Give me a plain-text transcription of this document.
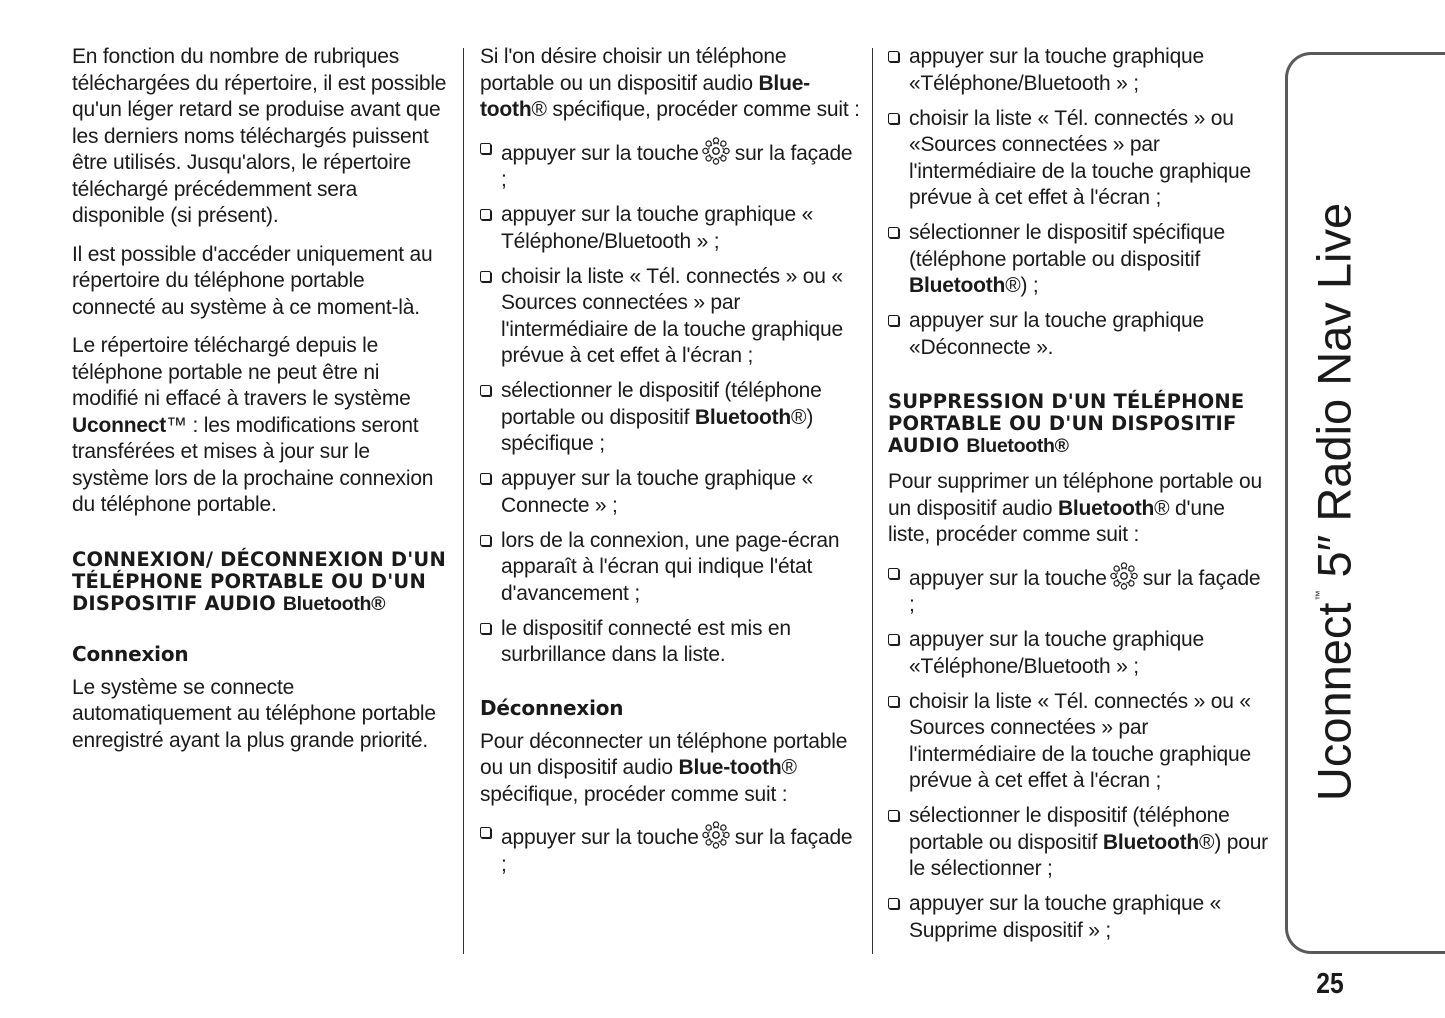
En fonction du nombre de rubriques téléchargées du répertoire, il est possible qu'un léger retard se produise avant que les derniers noms téléchargés puissent être utilisés. Jusqu'alors, le répertoire téléchargé précédemment sera disponible (si présent).

Il est possible d'accéder uniquement au répertoire du téléphone portable connecté au système à ce moment-là.

Le répertoire téléchargé depuis le téléphone portable ne peut être ni modifié ni effacé à travers le système Uconnect™ : les modifications seront transférées et mises à jour sur le système lors de la prochaine connexion du téléphone portable.

CONNEXION/ DÉCONNEXION D'UN TÉLÉPHONE PORTABLE OU D'UN DISPOSITIF AUDIO Bluetooth®
Connexion

Le système se connecte automatiquement au téléphone portable enregistré ayant la plus grande priorité.

Si l'on désire choisir un téléphone portable ou un dispositif audio Blue-tooth® spécifique, procéder comme suit :

appuyer sur la touche sur la façade ;
appuyer sur la touche graphique « Téléphone/Bluetooth » ;
choisir la liste « Tél. connectés » ou « Sources connectées » par l'intermédiaire de la touche graphique prévue à cet effet à l'écran ;
sélectionner le dispositif (téléphone portable ou dispositif Bluetooth®) spécifique ;
appuyer sur la touche graphique « Connecte » ;
lors de la connexion, une page-écran apparaît à l'écran qui indique l'état d'avancement ;
le dispositif connecté est mis en surbrillance dans la liste.
Déconnexion

Pour déconnecter un téléphone portable ou un dispositif audio Blue-tooth® spécifique, procéder comme suit :

appuyer sur la touche sur la façade ;
appuyer sur la touche graphique «Téléphone/Bluetooth » ;
choisir la liste « Tél. connectés » ou «Sources connectées » par l'intermédiaire de la touche graphique prévue à cet effet à l'écran ;
sélectionner le dispositif spécifique (téléphone portable ou dispositif Bluetooth®) ;
appuyer sur la touche graphique «Déconnecte ».
SUPPRESSION D'UN TÉLÉPHONE PORTABLE OU D'UN DISPOSITIF AUDIO Bluetooth®

Pour supprimer un téléphone portable ou un dispositif audio Bluetooth® d'une liste, procéder comme suit :

appuyer sur la touche sur la façade ;
appuyer sur la touche graphique «Téléphone/Bluetooth » ;
choisir la liste « Tél. connectés » ou « Sources connectées » par l'intermédiaire de la touche graphique prévue à cet effet à l'écran ;
sélectionner le dispositif (téléphone portable ou dispositif Bluetooth®) pour le sélectionner ;
appuyer sur la touche graphique « Supprime dispositif » ;
Uconnect™ 5″ Radio Nav Live
25
